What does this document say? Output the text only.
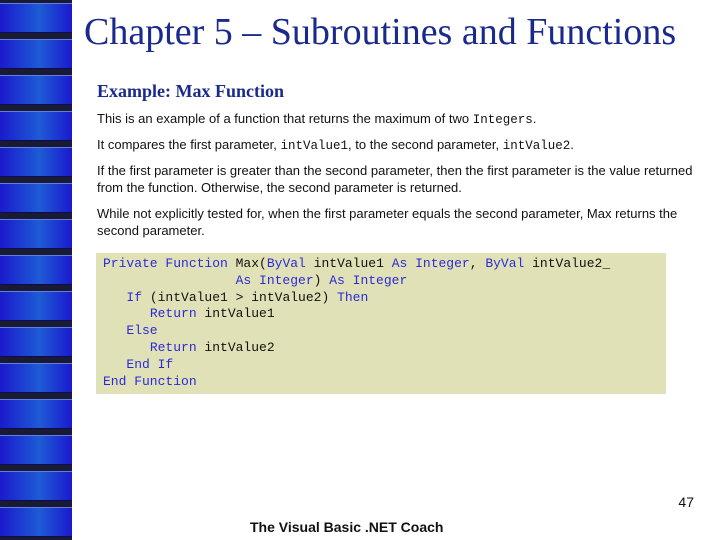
Chapter 5 – Subroutines and Functions
Example: Max Function
This is an example of a function that returns the maximum of two Integers.
It compares the first parameter, intValue1, to the second parameter, intValue2.
If the first parameter is greater than the second parameter, then the first parameter is the value returned from the function. Otherwise, the second parameter is returned.
While not explicitly tested for, when the first parameter equals the second parameter, Max returns the second parameter.
Private Function Max(ByVal intValue1 As Integer, ByVal intValue2_
As Integer) As Integer
If (intValue1 > intValue2) Then
Return intValue1
Else
Return intValue2
End If
End Function
47
The Visual Basic .NET Coach
